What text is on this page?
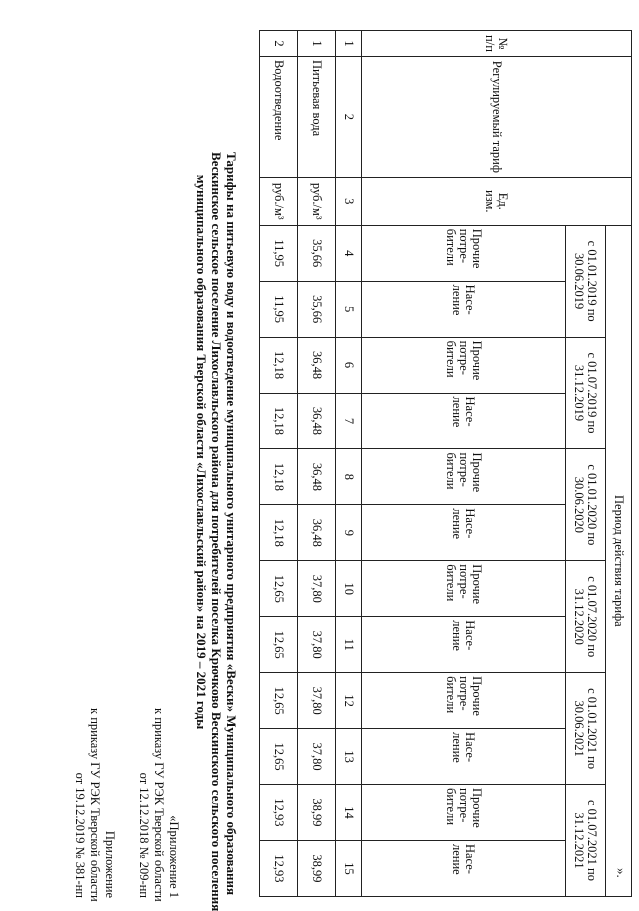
Приложение
к приказу ГУ РЭК Тверской области
от 19.12.2019 № 381-нп	«Приложение 1
к приказу ГУ РЭК Тверской области
от 12.12.2018 № 209-нп	Тарифы на питьевую воду и водоотведение муниципального унитарного предприятия «Вески» Муниципального образования
Вескинское сельское поселение Лихославльского района для потребителей поселка Крючково Вескинского сельского поселения
муниципального образования Тверской области «Лихославльский район» на 2019 – 2021 годы
№ п/п	Регулируемый тариф	Ед. изм.	Период действия тарифа											
			с 01.01.2019 по 30.06.2019		с 01.07.2019 по 31.12.2019		с 01.01.2020 по 30.06.2020		с 01.07.2020 по 31.12.2020		с 01.01.2021 по 30.06.2021		с 01.07.2021 по 31.12.2021	
			Прочие потре- бители	Насе- ление	Прочие потре- бители	Насе- ление	Прочие потре- бители	Насе- ление	Прочие потре- бители	Насе- ление	Прочие потре- бители	Насе- ление	Прочие потре- бители	Насе- ление
1	2	3	4	5	6	7	8	9	10	11	12	13	14	15
1	Питьевая вода	руб./м³	35,66	35,66	36,48	36,48	36,48	36,48	37,80	37,80	37,80	37,80	38,99	38,99
2	Водоотведение	руб./м³	11,95	11,95	12,18	12,18	12,18	12,18	12,65	12,65	12,65	12,65	12,93	12,93	».
